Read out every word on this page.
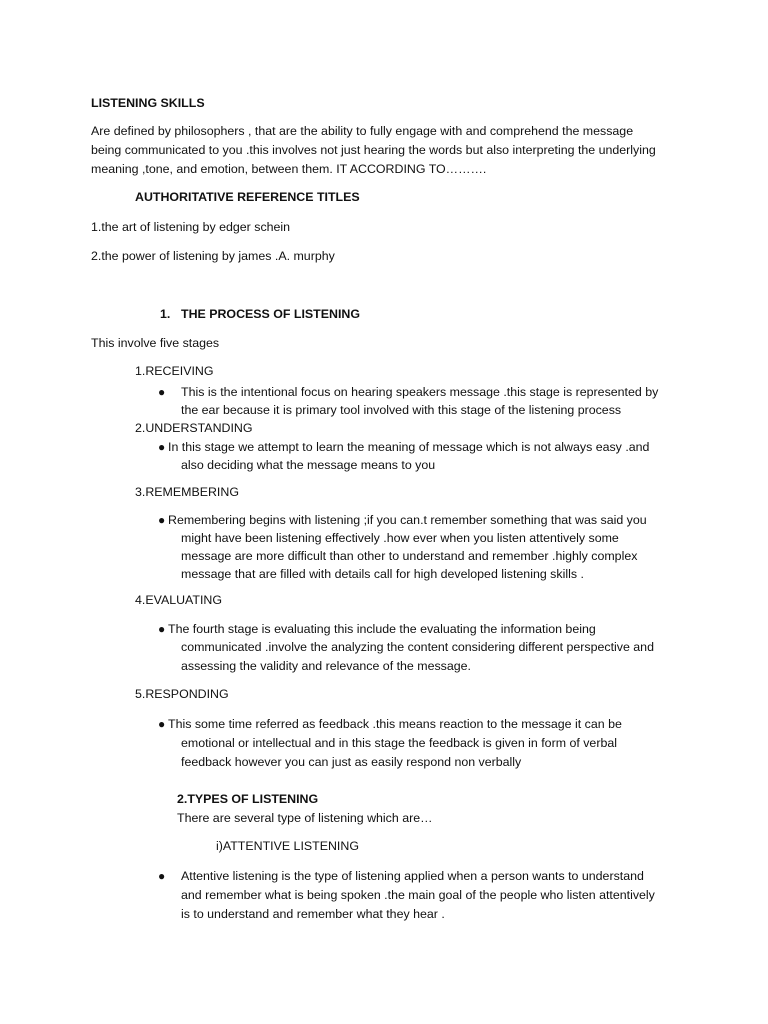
LISTENING SKILLS
Are defined by philosophers , that are the ability to fully engage with and comprehend the message
being communicated to you .this involves not just hearing the words but also interpreting the underlying
meaning ,tone, and emotion, between them. IT ACCORDING TO……….
AUTHORITATIVE REFERENCE TITLES
1.the art of listening by edger schein
2.the power of listening by james .A. murphy
1. THE PROCESS OF LISTENING
This involve five stages
1.RECEIVING
● This is the intentional focus on hearing speakers message .this stage is represented by
the ear because it is primary tool involved with this stage of the listening process
2.UNDERSTANDING
● In this stage we attempt to learn the meaning of message which is not always easy .and
also deciding what the message means to you
3.REMEMBERING
● Remembering begins with listening ;if you can.t remember something that was said you
might have been listening effectively .how ever when you listen attentively some
message are more difficult than other to understand and remember .highly complex
message that are filled with details call for high developed listening skills .
4.EVALUATING
● The fourth stage is evaluating this include the evaluating the information being
communicated .involve the analyzing the content considering different perspective and
assessing the validity and relevance of the message.
5.RESPONDING
● This some time referred as feedback .this means reaction to the message it can be
emotional or intellectual and in this stage the feedback is given in form of verbal
feedback however you can just as easily respond non verbally
2.TYPES OF LISTENING
There are several type of listening which are…
i)ATTENTIVE LISTENING
● Attentive listening is the type of listening applied when a person wants to understand
and remember what is being spoken .the main goal of the people who listen attentively
is to understand and remember what they hear .
